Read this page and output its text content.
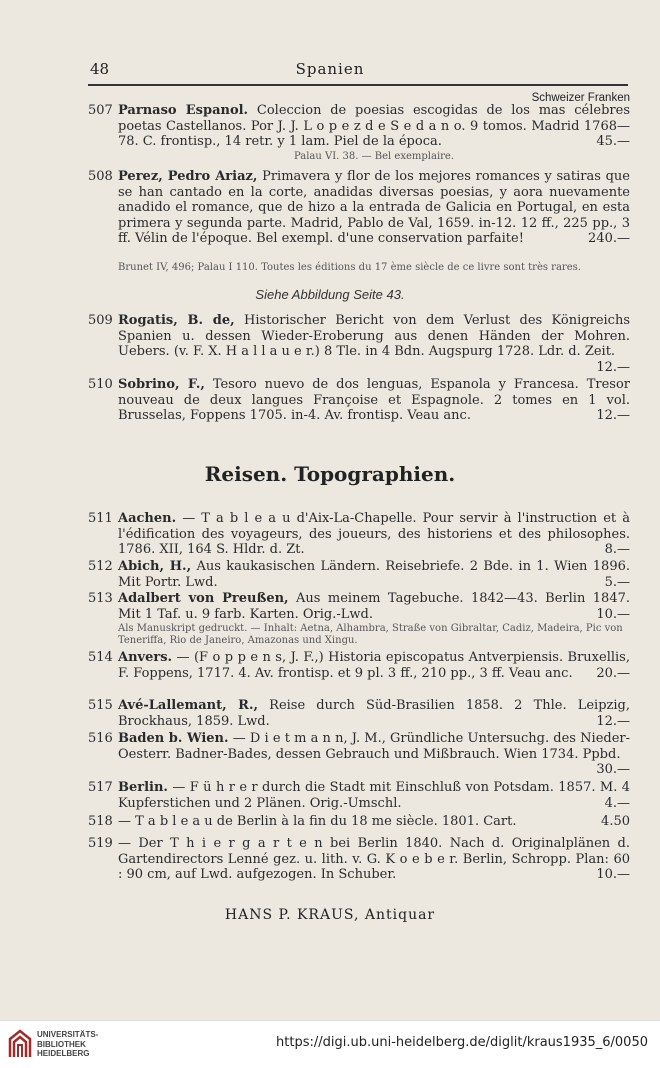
48	Spanien
Schweizer Franken
507 Parnaso Espanol. Coleccion de poesias escogidas de los mas célebres poetas Castellanos. Por J. J. L o p e z d e S e d a n o. 9 tomos. Madrid 1768—78. C. frontisp., 14 retr. y 1 lam. Piel de la época.	45.—
Palau VI. 38. — Bel exemplaire.
508 Perez, Pedro Ariaz, Primavera y flor de los mejores romances y satiras que se han cantado en la corte, anadidas diversas poesias, y aora nuevamente anadido el romance, que de hizo a la entrada de Galicia en Portugal, en esta primera y segunda parte. Madrid, Pablo de Val, 1659. in-12. 12 ff., 225 pp., 3 ff. Vélin de l'époque. Bel exempl. d'une conservation parfaite!	240.—
Brunet IV, 496; Palau I 110. Toutes les éditions du 17 ème siècle de ce livre sont très rares.
Siehe Abbildung Seite 43.
509 Rogatis, B. de, Historischer Bericht von dem Verlust des Königreichs Spanien u. dessen Wieder-Eroberung aus denen Händen der Mohren. Uebers. (v. F. X. H a l l a u e r.) 8 Tle. in 4 Bdn. Augspurg 1728. Ldr. d. Zeit.
12.—
510 Sobrino, F., Tesoro nuevo de dos lenguas, Espanola y Francesa. Tresor nouveau de deux langues Françoise et Espagnole. 2 tomes en 1 vol. Brusselas, Foppens 1705. in-4. Av. frontisp. Veau anc.	12.—
Reisen. Topographien.
511 Aachen. — T a b l e a u d'Aix-La-Chapelle. Pour servir à l'instruction et à l'édification des voyageurs, des joueurs, des historiens et des philosophes. 1786. XII, 164 S. Hldr. d. Zt.	8.—
512 Abich, H., Aus kaukasischen Ländern. Reisebriefe. 2 Bde. in 1. Wien 1896. Mit Portr. Lwd.	5.—
513 Adalbert von Preußen, Aus meinem Tagebuche. 1842—43. Berlin 1847. Mit 1 Taf. u. 9 farb. Karten. Orig.-Lwd.	10.—
Als Manuskript gedruckt. — Inhalt: Aetna, Alhambra, Straße von Gibraltar, Cadiz, Madeira, Pic von Teneriffa, Rio de Janeiro, Amazonas und Xingu.
514 Anvers. — (F o p p e n s, J. F.,) Historia episcopatus Antverpiensis. Bruxellis, F. Foppens, 1717. 4. Av. frontisp. et 9 pl. 3 ff., 210 pp., 3 ff. Veau anc.	20.—
515 Avé-Lallemant, R., Reise durch Süd-Brasilien 1858. 2 Thle. Leipzig, Brockhaus, 1859. Lwd.	12.—
516 Baden b. Wien. — D i e t m a n n, J. M., Gründliche Untersuchg. des Nieder-Oesterr. Badner-Bades, dessen Gebrauch und Mißbrauch. Wien 1734. Ppbd.
30.—
517 Berlin. — F ü h r e r durch die Stadt mit Einschluß von Potsdam. 1857. M. 4 Kupferstichen und 2 Plänen. Orig.-Umschl.	4.—
518 — T a b l e a u de Berlin à la fin du 18 me siècle. 1801. Cart.	4.50
519 — Der T h i e r g a r t e n bei Berlin 1840. Nach d. Originalplänen d. Gartendirectors Lenné gez. u. lith. v. G. K o e b e r. Berlin, Schropp. Plan: 60 : 90 cm, auf Lwd. aufgezogen. In Schuber.	10.—
HANS P. KRAUS, Antiquar
UNIVERSITÄTS-
BIBLIOTHEK
HEIDELBERG
https://digi.ub.uni-heidelberg.de/diglit/kraus1935_6/0050
